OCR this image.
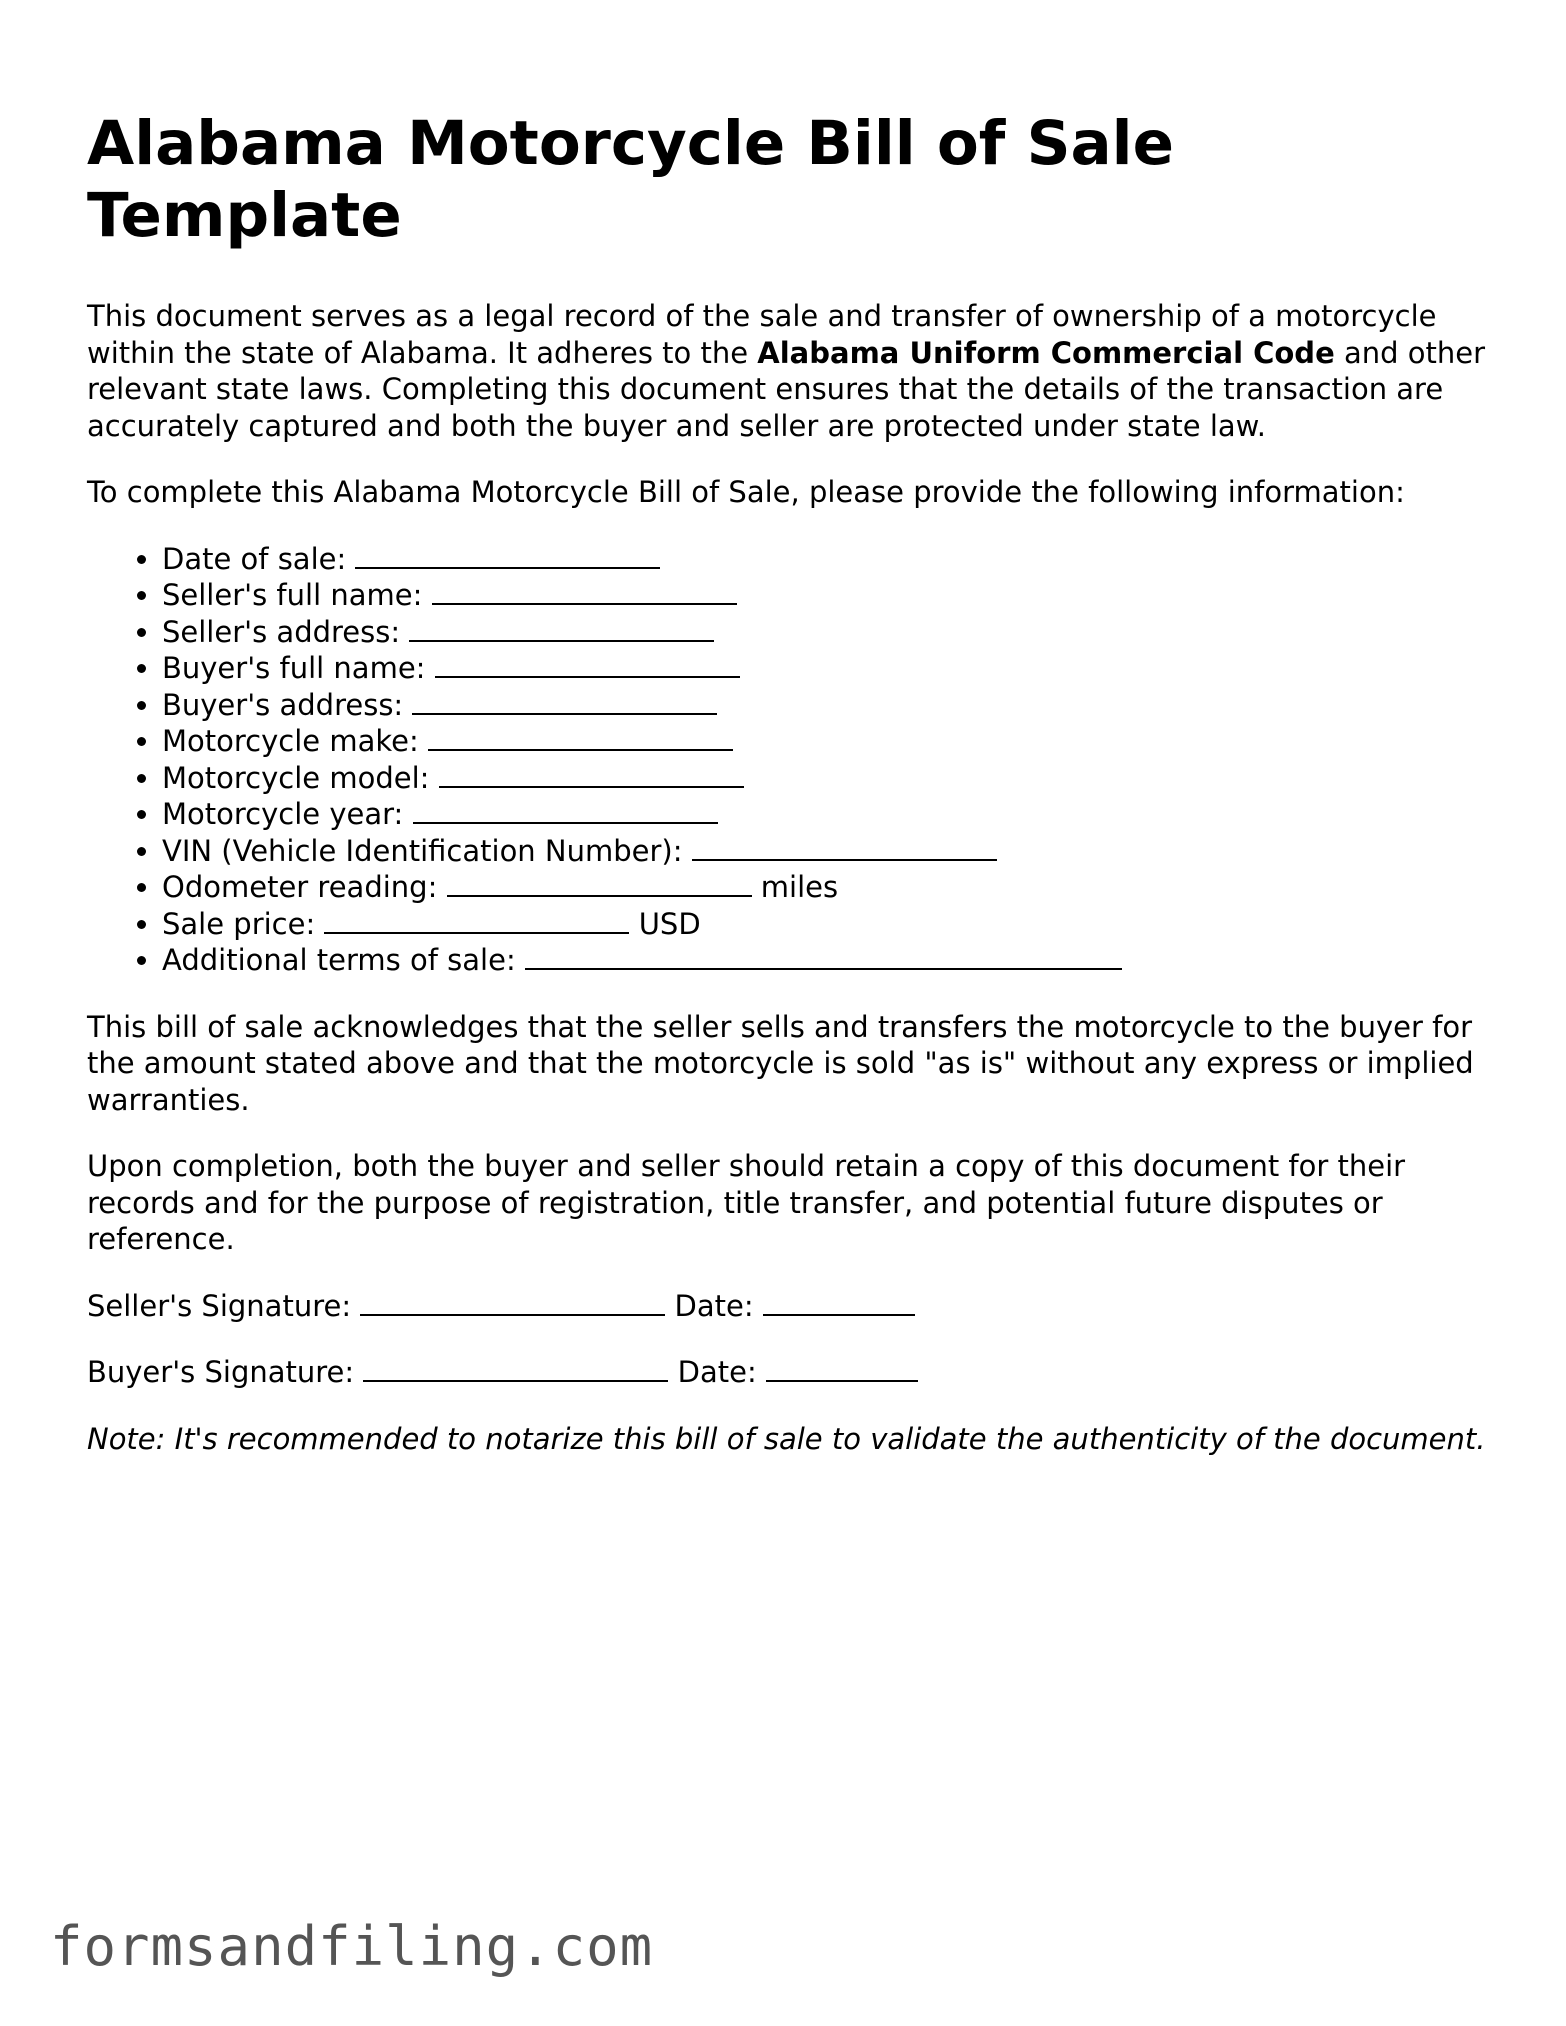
Alabama Motorcycle Bill of Sale Template

This document serves as a legal record of the sale and transfer of ownership of a motorcycle within the state of Alabama. It adheres to the Alabama Uniform Commercial Code and other relevant state laws. Completing this document ensures that the details of the transaction are accurately captured and both the buyer and seller are protected under state law.

To complete this Alabama Motorcycle Bill of Sale, please provide the following information:

• Date of sale:
• Seller's full name:
• Seller's address:
• Buyer's full name:
• Buyer's address:
• Motorcycle make:
• Motorcycle model:
• Motorcycle year:
• VIN (Vehicle Identification Number):
• Odometer reading:	miles
• Sale price:	USD
• Additional terms of sale:

This bill of sale acknowledges that the seller sells and transfers the motorcycle to the buyer for the amount stated above and that the motorcycle is sold "as is" without any express or implied warranties.

Upon completion, both the buyer and seller should retain a copy of this document for their records and for the purpose of registration, title transfer, and potential future disputes or reference.

Seller's Signature:	Date:

Buyer's Signature:	Date:

Note: It's recommended to notarize this bill of sale to validate the authenticity of the document.

formsandfiling.com
